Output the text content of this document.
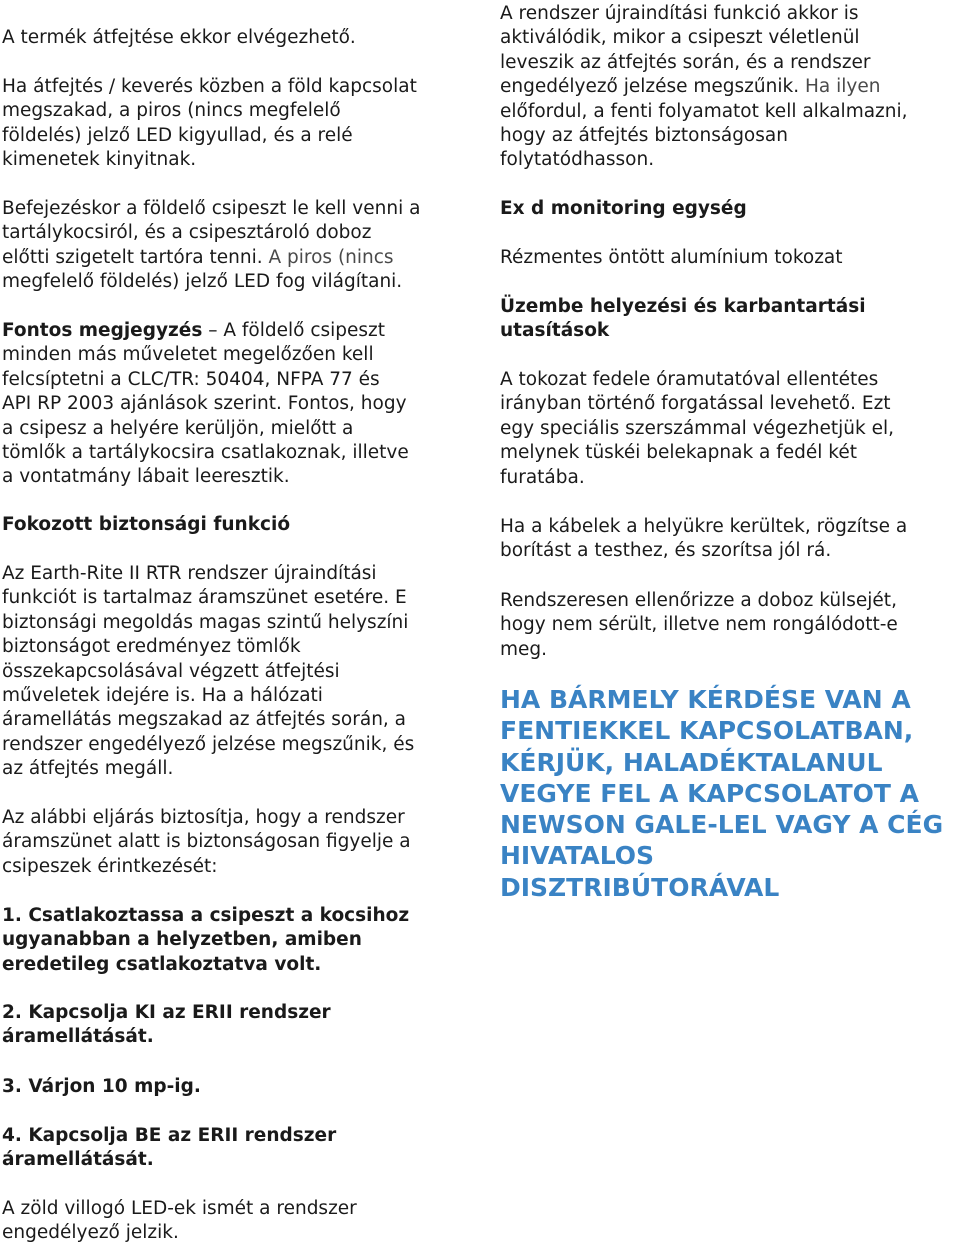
A termék átfejtése ekkor elvégezhető.
Ha átfejtés / keverés közben a föld kapcsolat
megszakad, a piros (nincs megfelelő
földelés) jelző LED kigyullad, és a relé
kimenetek kinyitnak.
Befejezéskor a földelő csipeszt le kell venni a
tartálykocsiról, és a csipesztároló doboz
előtti szigetelt tartóra tenni. A piros (nincs
megfelelő földelés) jelző LED fog világítani.
Fontos megjegyzés – A földelő csipeszt
minden más műveletet megelőzően kell
felcsíptetni a CLC/TR: 50404, NFPA 77 és
API RP 2003 ajánlások szerint. Fontos, hogy
a csipesz a helyére kerüljön, mielőtt a
tömlők a tartálykocsira csatlakoznak, illetve
a vontatmány lábait leeresztik.
Fokozott biztonsági funkció
Az Earth-Rite II RTR rendszer újraindítási
funkciót is tartalmaz áramszünet esetére. E
biztonsági megoldás magas szintű helyszíni
biztonságot eredményez tömlők
összekapcsolásával végzett átfejtési
műveletek idejére is. Ha a hálózati
áramellátás megszakad az átfejtés során, a
rendszer engedélyező jelzése megszűnik, és
az átfejtés megáll.
Az alábbi eljárás biztosítja, hogy a rendszer
áramszünet alatt is biztonságosan figyelje a
csipeszek érintkezését:
1. Csatlakoztassa a csipeszt a kocsihoz
ugyanabban a helyzetben, amiben
eredetileg csatlakoztatva volt.
2. Kapcsolja KI az ERII rendszer
áramellátását.
3. Várjon 10 mp-ig.
4. Kapcsolja BE az ERII rendszer
áramellátását.
A zöld villogó LED-ek ismét a rendszer
engedélyező jelzik.
A rendszer újraindítási funkció akkor is
aktiválódik, mikor a csipeszt véletlenül
leveszik az átfejtés során, és a rendszer
engedélyező jelzése megszűnik. Ha ilyen
előfordul, a fenti folyamatot kell alkalmazni,
hogy az átfejtés biztonságosan
folytatódhasson.
Ex d monitoring egység
Rézmentes öntött alumínium tokozat
Üzembe helyezési és karbantartási
utasítások
A tokozat fedele óramutatóval ellentétes
irányban történő forgatással levehető. Ezt
egy speciális szerszámmal végezhetjük el,
melynek tüskéi belekapnak a fedél két
furatába.
Ha a kábelek a helyükre kerültek, rögzítse a
borítást a testhez, és szorítsa jól rá.
Rendszeresen ellenőrizze a doboz külsejét,
hogy nem sérült, illetve nem rongálódott-e
meg.
HA BÁRMELY KÉRDÉSE VAN A
FENTIEKKEL KAPCSOLATBAN,
KÉRJÜK, HALADÉKTALANUL
VEGYE FEL A KAPCSOLATOT A
NEWSON GALE-LEL VAGY A CÉG
HIVATALOS
DISZTRIBÚTORÁVAL
